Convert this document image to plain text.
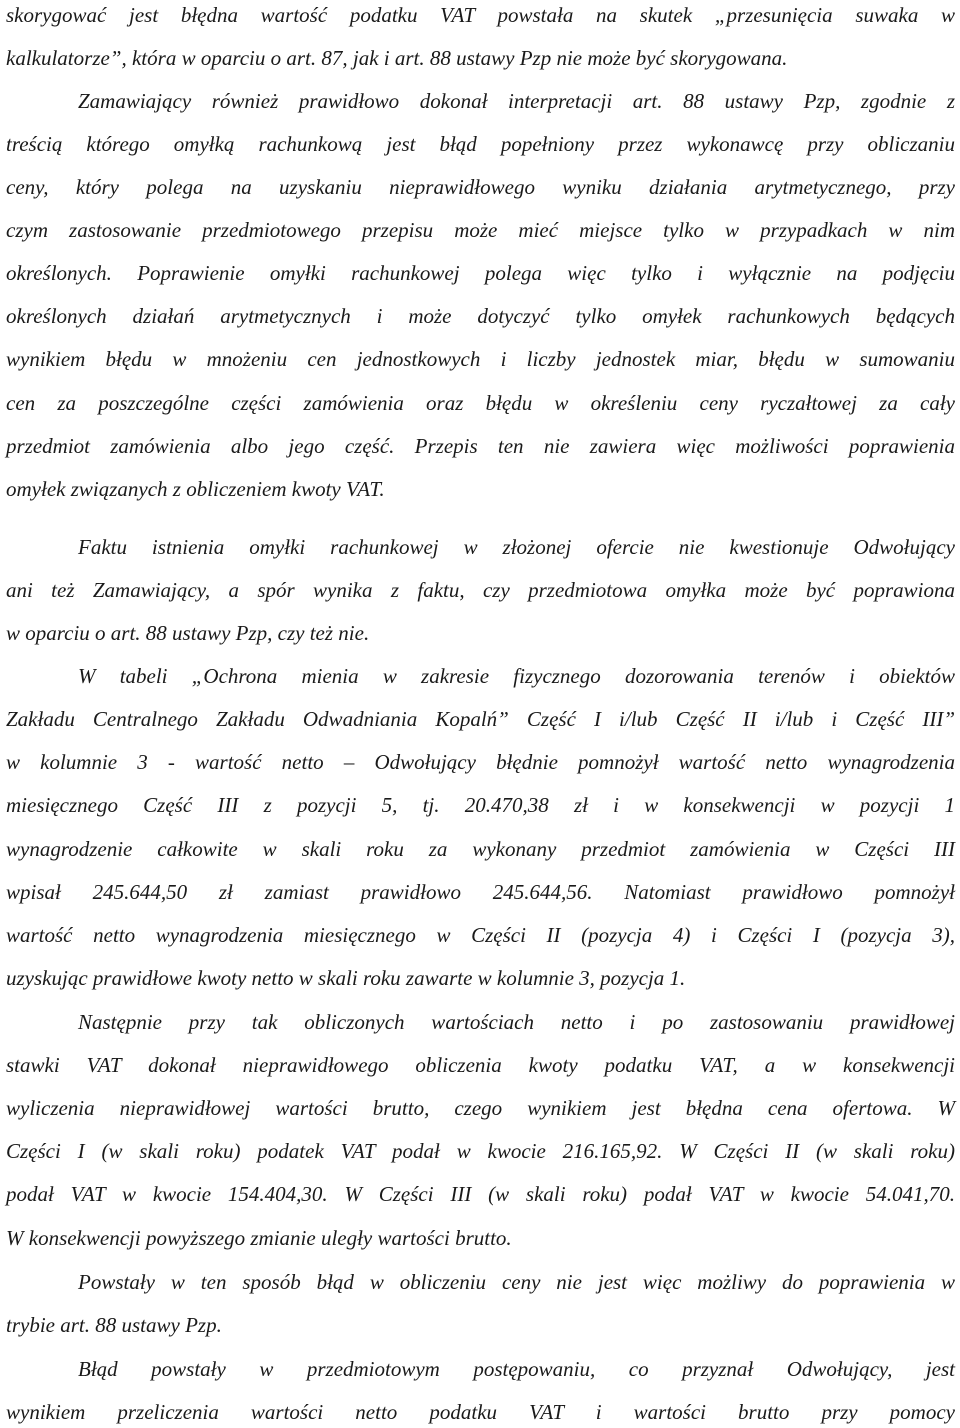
skorygować jest błędna wartość podatku VAT powstała na skutek „przesunięcia suwaka w
kalkulatorze”, która w oparciu o art. 87, jak i art. 88 ustawy Pzp nie może być skorygowana.
Zamawiający również prawidłowo dokonał interpretacji art. 88 ustawy Pzp, zgodnie z
treścią którego omyłką rachunkową jest błąd popełniony przez wykonawcę przy obliczaniu
ceny, który polega na uzyskaniu nieprawidłowego wyniku działania arytmetycznego, przy
czym zastosowanie przedmiotowego przepisu może mieć miejsce tylko w przypadkach w nim
określonych. Poprawienie omyłki rachunkowej polega więc tylko i wyłącznie na podjęciu
określonych działań arytmetycznych i może dotyczyć tylko omyłek rachunkowych będących
wynikiem błędu w mnożeniu cen jednostkowych i liczby jednostek miar, błędu w sumowaniu
cen za poszczególne części zamówienia oraz błędu w określeniu ceny ryczałtowej za cały
przedmiot zamówienia albo jego część. Przepis ten nie zawiera więc możliwości poprawienia
omyłek związanych z obliczeniem kwoty VAT.
Faktu istnienia omyłki rachunkowej w złożonej ofercie nie kwestionuje Odwołujący
ani też Zamawiający, a spór wynika z faktu, czy przedmiotowa omyłka może być poprawiona
w oparciu o art. 88 ustawy Pzp, czy też nie.
W tabeli „Ochrona mienia w zakresie fizycznego dozorowania terenów i obiektów
Zakładu Centralnego Zakładu Odwadniania Kopalń” Część I i/lub Część II i/lub i Część III”
w kolumnie 3 - wartość netto – Odwołujący błędnie pomnożył wartość netto wynagrodzenia
miesięcznego Część III z pozycji 5, tj. 20.470,38 zł i w konsekwencji w pozycji 1
wynagrodzenie całkowite w skali roku za wykonany przedmiot zamówienia w Części III
wpisał 245.644,50 zł zamiast prawidłowo 245.644,56. Natomiast prawidłowo pomnożył
wartość netto wynagrodzenia miesięcznego w Części II (pozycja 4) i Części I (pozycja 3),
uzyskując prawidłowe kwoty netto w skali roku zawarte w kolumnie 3, pozycja 1.
Następnie przy tak obliczonych wartościach netto i po zastosowaniu prawidłowej
stawki VAT dokonał nieprawidłowego obliczenia kwoty podatku VAT, a w konsekwencji
wyliczenia nieprawidłowej wartości brutto, czego wynikiem jest błędna cena ofertowa. W
Części I (w skali roku) podatek VAT podał w kwocie 216.165,92. W Części II (w skali roku)
podał VAT w kwocie 154.404,30. W Części III (w skali roku) podał VAT w kwocie 54.041,70.
W konsekwencji powyższego zmianie uległy wartości brutto.
Powstały w ten sposób błąd w obliczeniu ceny nie jest więc możliwy do poprawienia w
trybie art. 88 ustawy Pzp.
Błąd powstały w przedmiotowym postępowaniu, co przyznał Odwołujący, jest
wynikiem przeliczenia wartości netto podatku VAT i wartości brutto przy pomocy
